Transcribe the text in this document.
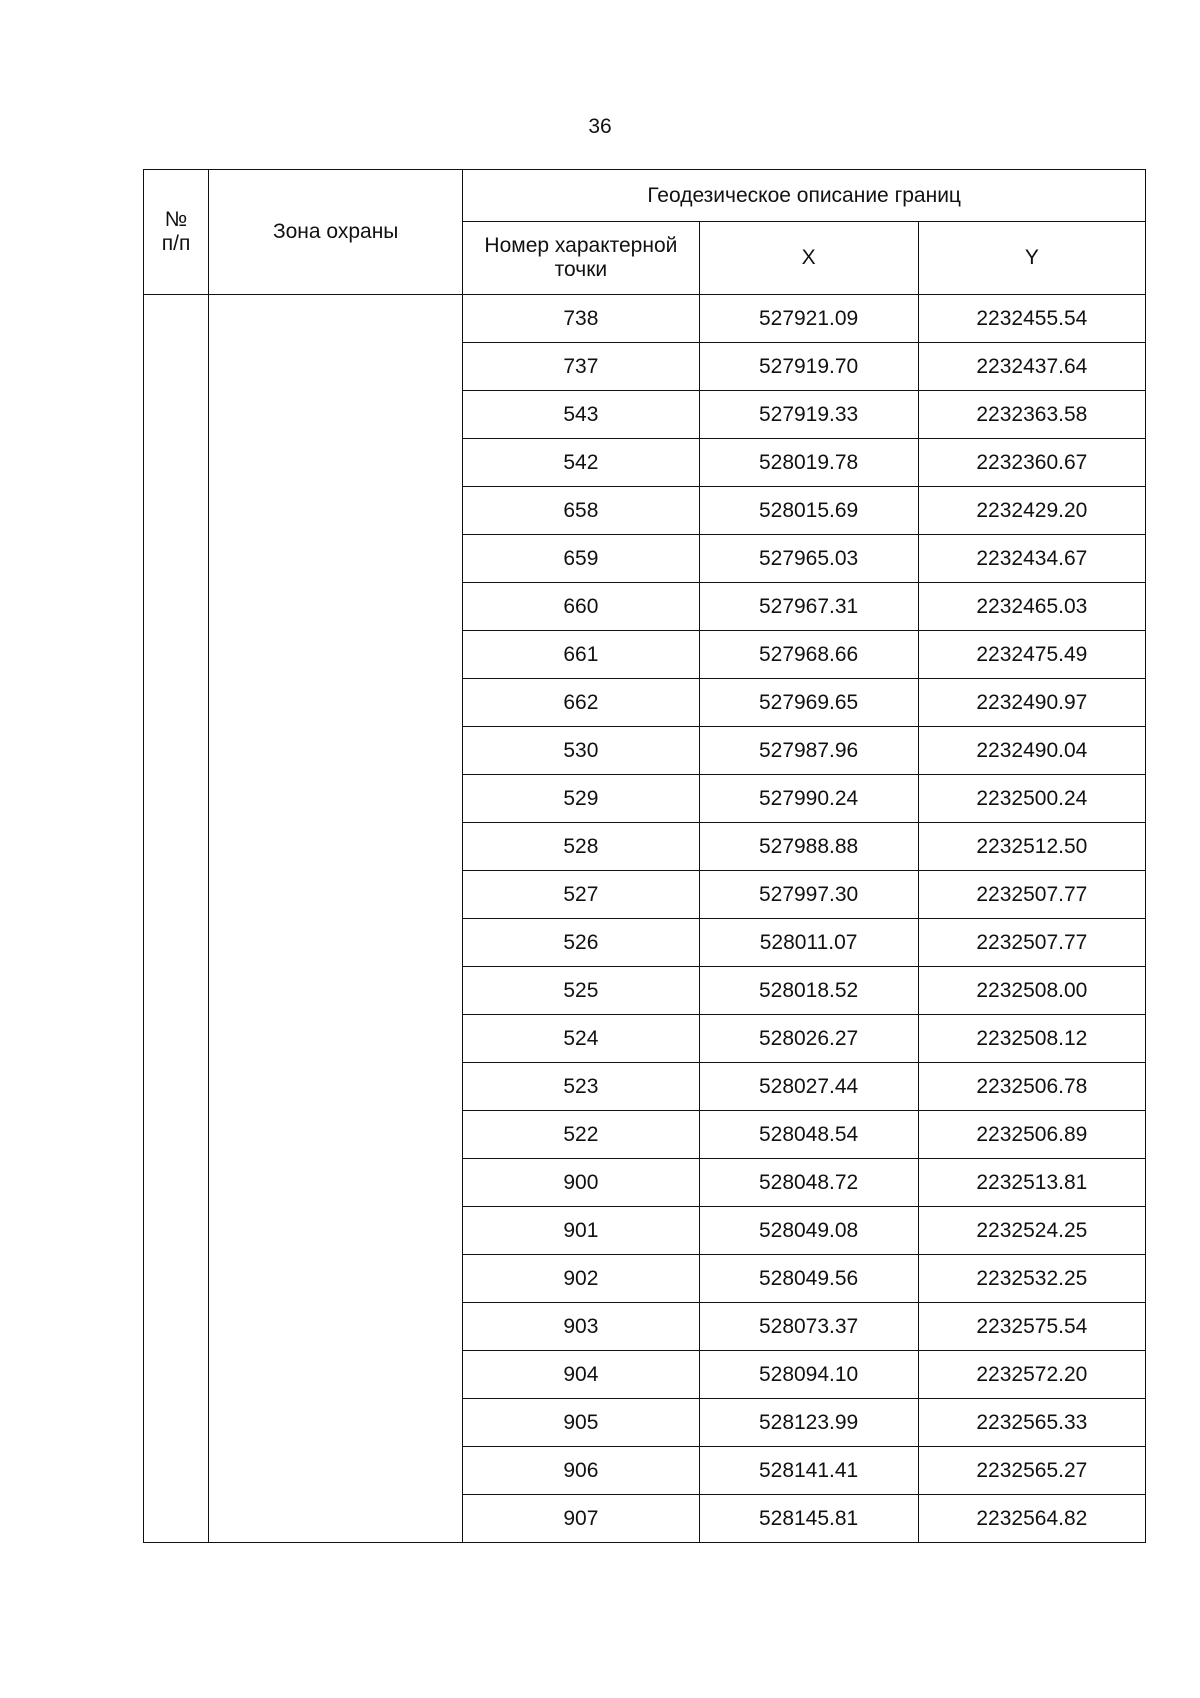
36
№
п/п	Зона охраны	Геодезическое описание границ		
		Номер характерной точки	X	Y
		738	527921.09	2232455.54
		737	527919.70	2232437.64
		543	527919.33	2232363.58
		542	528019.78	2232360.67
		658	528015.69	2232429.20
		659	527965.03	2232434.67
		660	527967.31	2232465.03
		661	527968.66	2232475.49
		662	527969.65	2232490.97
		530	527987.96	2232490.04
		529	527990.24	2232500.24
		528	527988.88	2232512.50
		527	527997.30	2232507.77
		526	528011.07	2232507.77
		525	528018.52	2232508.00
		524	528026.27	2232508.12
		523	528027.44	2232506.78
		522	528048.54	2232506.89
		900	528048.72	2232513.81
		901	528049.08	2232524.25
		902	528049.56	2232532.25
		903	528073.37	2232575.54
		904	528094.10	2232572.20
		905	528123.99	2232565.33
		906	528141.41	2232565.27
		907	528145.81	2232564.82
